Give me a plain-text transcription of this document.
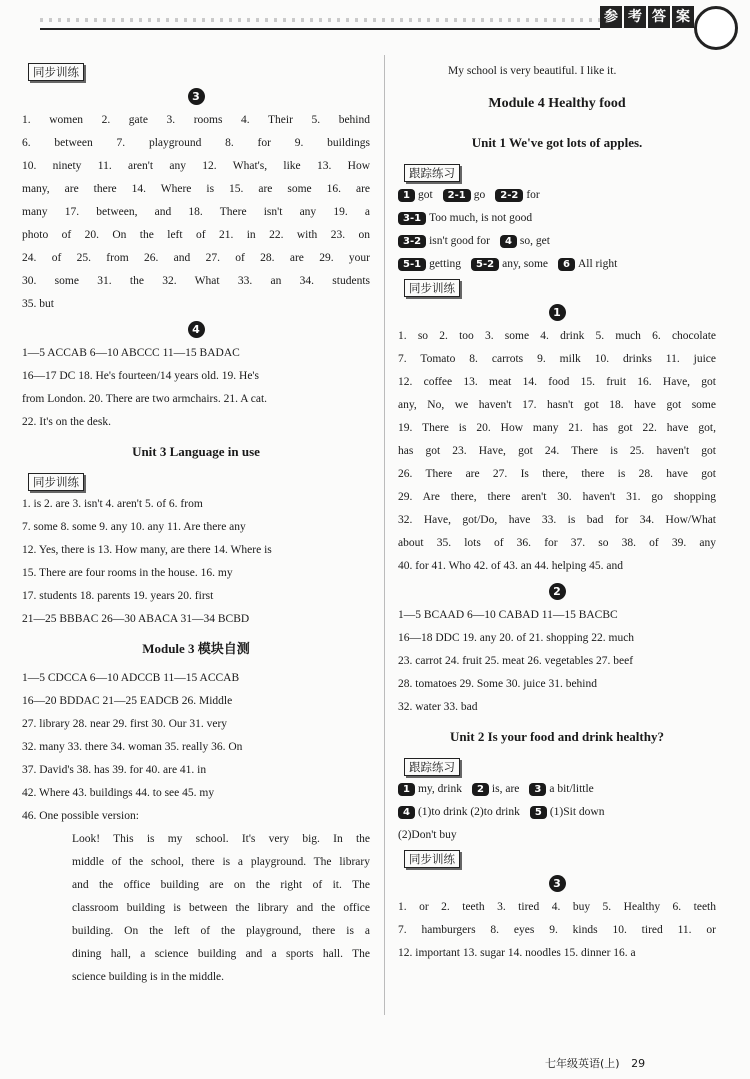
参 考 答 案
同步训练
3
1. women 2. gate 3. rooms 4. Their 5. behind
6. between 7. playground 8. for 9. buildings
10. ninety 11. aren't any 12. What's, like 13. How
many, are there 14. Where is 15. are some 16. are
many 17. between, and 18. There isn't any 19. a
photo of 20. On the left of 21. in 22. with 23. on
24. of 25. from 26. and 27. of 28. are 29. your
30. some 31. the 32. What 33. an 34. students
35. but
4
1—5 ACCAB 6—10 ABCCC 11—15 BADAC
16—17 DC 18. He's fourteen/14 years old. 19. He's
from London. 20. There are two armchairs. 21. A cat.
22. It's on the desk.
Unit 3 Language in use
同步训练
1. is 2. are 3. isn't 4. aren't 5. of 6. from
7. some 8. some 9. any 10. any 11. Are there any
12. Yes, there is 13. How many, are there 14. Where is
15. There are four rooms in the house. 16. my
17. students 18. parents 19. years 20. first
21—25 BBBAC 26—30 ABACA 31—34 BCBD
Module 3 模块自测
1—5 CDCCA 6—10 ADCCB 11—15 ACCAB
16—20 BDDAC 21—25 EADCB 26. Middle
27. library 28. near 29. first 30. Our 31. very
32. many 33. there 34. woman 35. really 36. On
37. David's 38. has 39. for 40. are 41. in
42. Where 43. buildings 44. to see 45. my
46. One possible version:
Look! This is my school. It's very big. In the
middle of the school, there is a playground. The library
and the office building are on the right of it. The
classroom building is between the library and the office
building. On the left of the playground, there is a
dining hall, a science building and a sports hall. The
science building is in the middle.
My school is very beautiful. I like it.
Module 4 Healthy food
Unit 1 We've got lots of apples.
跟踪练习
1 got 2-1 go 2-2 for
3-1 Too much, is not good
3-2 isn't good for 4 so, get
5-1 getting 5-2 any, some 6 All right
同步训练
1
1. so 2. too 3. some 4. drink 5. much 6. chocolate
7. Tomato 8. carrots 9. milk 10. drinks 11. juice
12. coffee 13. meat 14. food 15. fruit 16. Have, got
any, No, we haven't 17. hasn't got 18. have got some
19. There is 20. How many 21. has got 22. have got,
has got 23. Have, got 24. There is 25. haven't got
26. There are 27. Is there, there is 28. have got
29. Are there, there aren't 30. haven't 31. go shopping
32. Have, got/Do, have 33. is bad for 34. How/What
about 35. lots of 36. for 37. so 38. of 39. any
40. for 41. Who 42. of 43. an 44. helping 45. and
2
1—5 BCAAD 6—10 CABAD 11—15 BACBC
16—18 DDC 19. any 20. of 21. shopping 22. much
23. carrot 24. fruit 25. meat 26. vegetables 27. beef
28. tomatoes 29. Some 30. juice 31. behind
32. water 33. bad
Unit 2 Is your food and drink healthy?
跟踪练习
1 my, drink 2 is, are 3 a bit/little
4 (1)to drink (2)to drink 5 (1)Sit down
(2)Don't buy
同步训练
3
1. or 2. teeth 3. tired 4. buy 5. Healthy 6. teeth
7. hamburgers 8. eyes 9. kinds 10. tired 11. or
12. important 13. sugar 14. noodles 15. dinner 16. a
七年级英语(上) 29
